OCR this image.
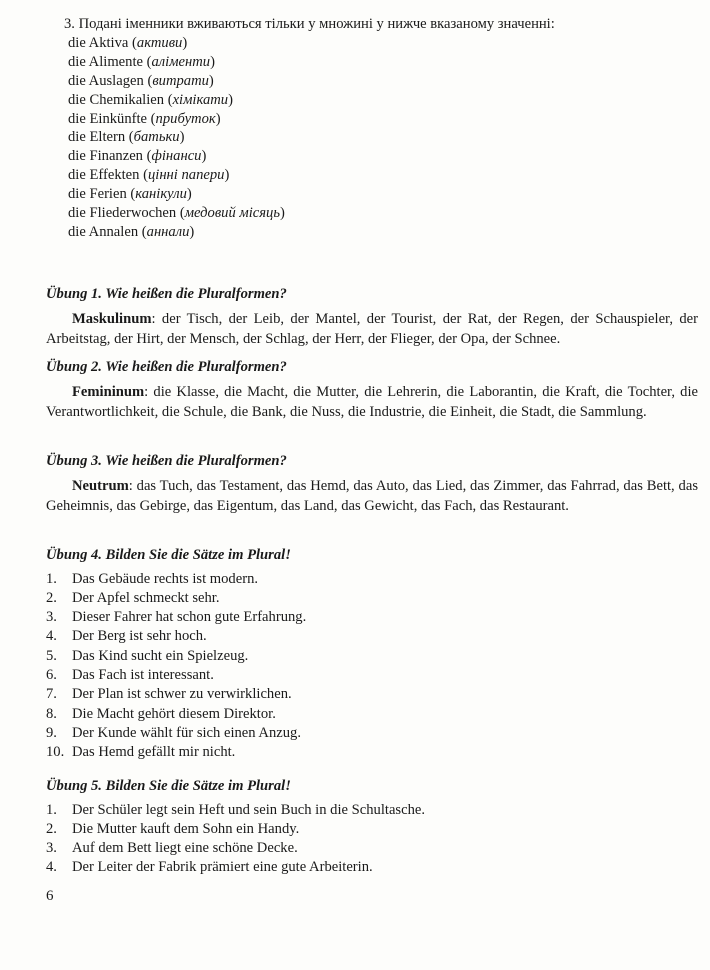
3. Подані іменники вживаються тільки у множині у нижче вказаному значенні:
die Aktiva (активи)
die Alimente (аліменти)
die Auslagen (витрати)
die Chemikalien (хімікати)
die Einkünfte (прибуток)
die Eltern (батьки)
die Finanzen (фінанси)
die Effekten (цінні папери)
die Ferien (канікули)
die Fliederwochen (медовий місяць)
die Annalen (аннали)
Übung 1. Wie heißen die Pluralformen?

Maskulinum: der Tisch, der Leib, der Mantel, der Tourist, der Rat, der Regen, der Schauspieler, der Arbeitstag, der Hirt, der Mensch, der Schlag, der Herr, der Flieger, der Opa, der Schnee.

Übung 2. Wie heißen die Pluralformen?

Femininum: die Klasse, die Macht, die Mutter, die Lehrerin, die Laborantin, die Kraft, die Tochter, die Verantwortlichkeit, die Schule, die Bank, die Nuss, die Industrie, die Einheit, die Stadt, die Sammlung.

Übung 3. Wie heißen die Pluralformen?

Neutrum: das Tuch, das Testament, das Hemd, das Auto, das Lied, das Zimmer, das Fahrrad, das Bett, das Geheimnis, das Gebirge, das Eigentum, das Land, das Gewicht, das Fach, das Restaurant.

Übung 4. Bilden Sie die Sätze im Plural!
1. Das Gebäude rechts ist modern.
2. Der Apfel schmeckt sehr.
3. Dieser Fahrer hat schon gute Erfahrung.
4. Der Berg ist sehr hoch.
5. Das Kind sucht ein Spielzeug.
6. Das Fach ist interessant.
7. Der Plan ist schwer zu verwirklichen.
8. Die Macht gehört diesem Direktor.
9. Der Kunde wählt für sich einen Anzug.
10. Das Hemd gefällt mir nicht.
Übung 5. Bilden Sie die Sätze im Plural!
1. Der Schüler legt sein Heft und sein Buch in die Schultasche.
2. Die Mutter kauft dem Sohn ein Handy.
3. Auf dem Bett liegt eine schöne Decke.
4. Der Leiter der Fabrik prämiert eine gute Arbeiterin.
6
